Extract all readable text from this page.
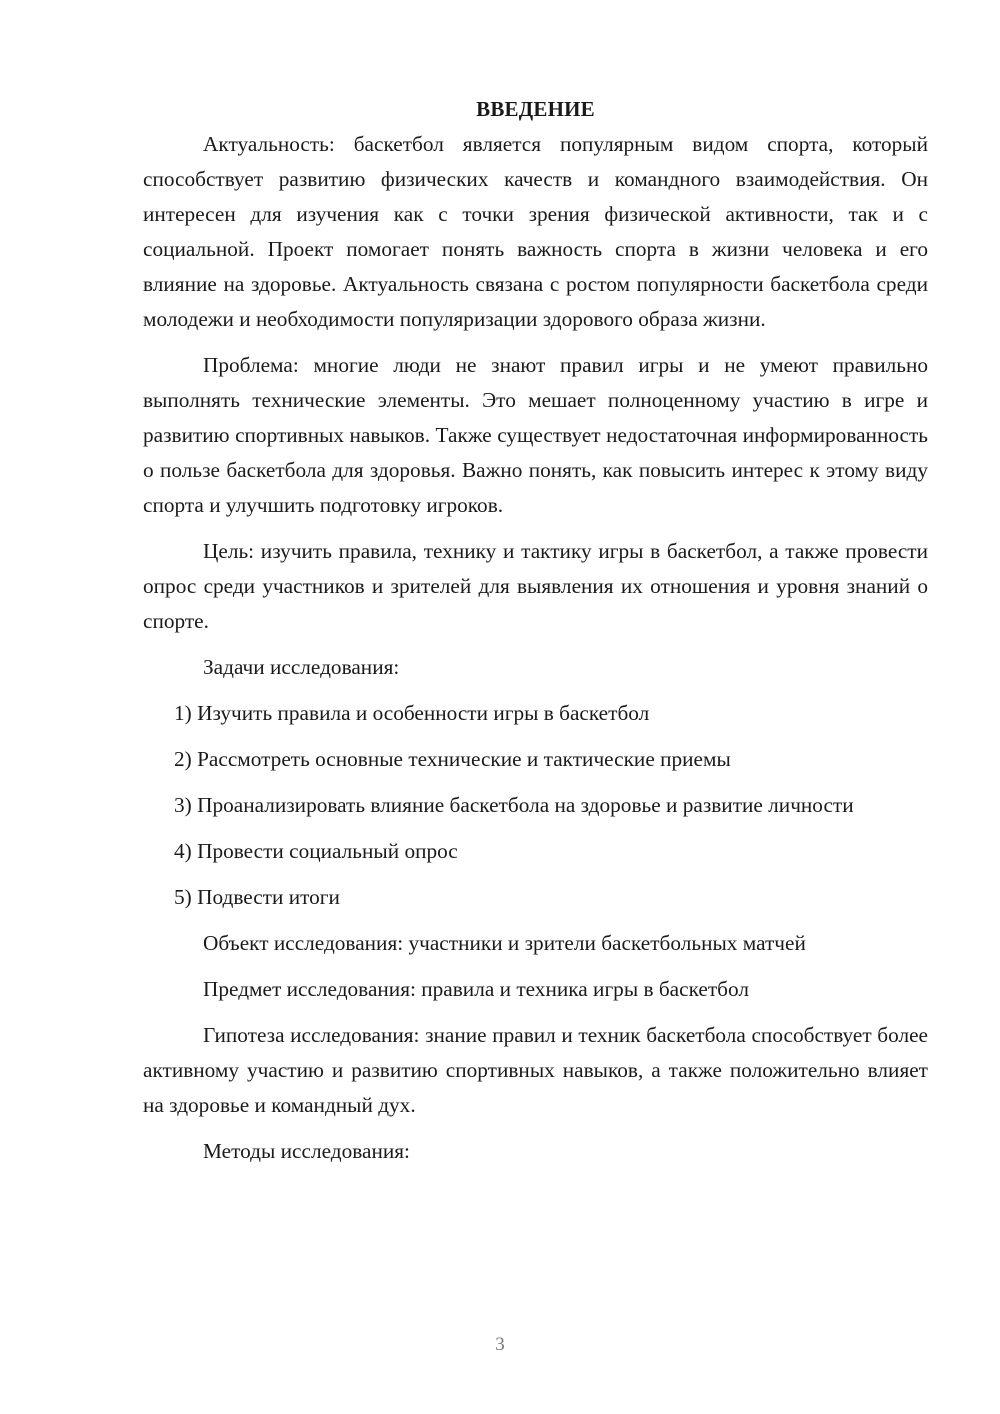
ВВЕДЕНИЕ

Актуальность: баскетбол является популярным видом спорта, который способствует развитию физических качеств и командного взаимодействия. Он интересен для изучения как с точки зрения физической активности, так и с социальной. Проект помогает понять важность спорта в жизни человека и его влияние на здоровье. Актуальность связана с ростом популярности баскетбола среди молодежи и необходимости популяризации здорового образа жизни.

Проблема: многие люди не знают правил игры и не умеют правильно выполнять технические элементы. Это мешает полноценному участию в игре и развитию спортивных навыков. Также существует недостаточная информированность о пользе баскетбола для здоровья. Важно понять, как повысить интерес к этому виду спорта и улучшить подготовку игроков.

Цель: изучить правила, технику и тактику игры в баскетбол, а также провести опрос среди участников и зрителей для выявления их отношения и уровня знаний о спорте.

Задачи исследования:

1) Изучить правила и особенности игры в баскетбол

2) Рассмотреть основные технические и тактические приемы

3) Проанализировать влияние баскетбола на здоровье и развитие личности

4) Провести социальный опрос

5) Подвести итоги

Объект исследования: участники и зрители баскетбольных матчей

Предмет исследования: правила и техника игры в баскетбол

Гипотеза исследования: знание правил и техник баскетбола способствует более активному участию и развитию спортивных навыков, а также положительно влияет на здоровье и командный дух.

Методы исследования:

3
